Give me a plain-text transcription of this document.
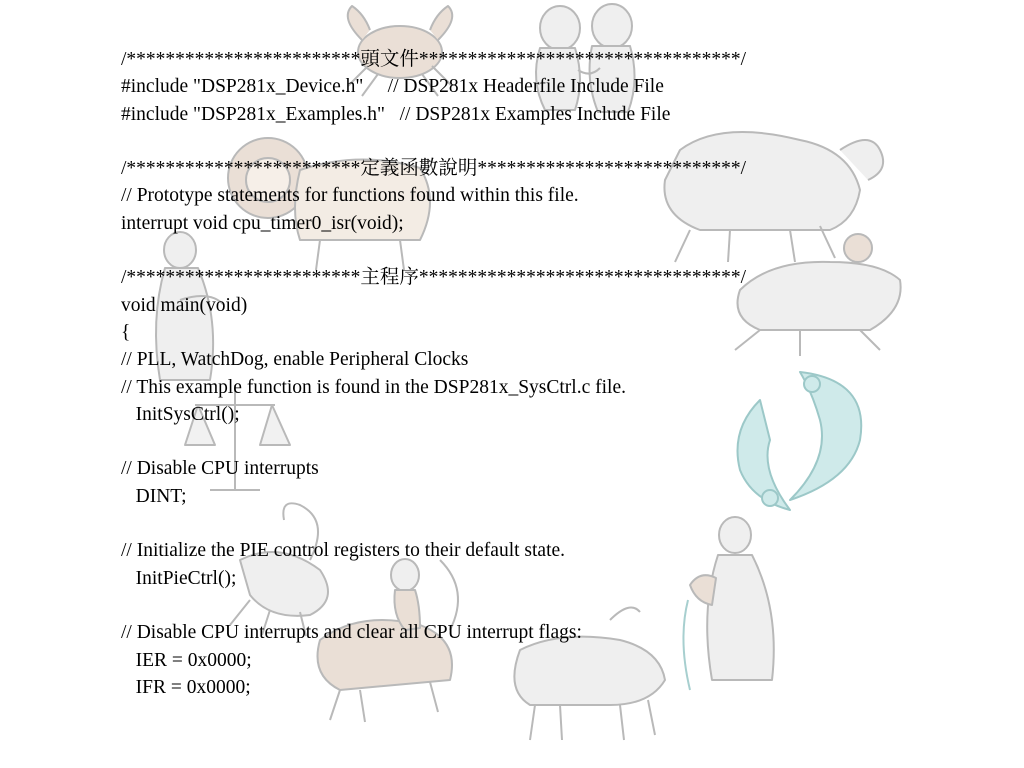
/************************頭文件*********************************/
#include "DSP281x_Device.h"     // DSP281x Headerfile Include File
#include "DSP281x_Examples.h"   // DSP281x Examples Include File
/************************定義函數說明***************************/
// Prototype statements for functions found within this file.
interrupt void cpu_timer0_isr(void);
/************************主程序*********************************/
void main(void)
{
// PLL, WatchDog, enable Peripheral Clocks
// This example function is found in the DSP281x_SysCtrl.c file.
InitSysCtrl();
// Disable CPU interrupts
DINT;
// Initialize the PIE control registers to their default state.
InitPieCtrl();
// Disable CPU interrupts and clear all CPU interrupt flags:
IER = 0x0000;
IFR = 0x0000;
